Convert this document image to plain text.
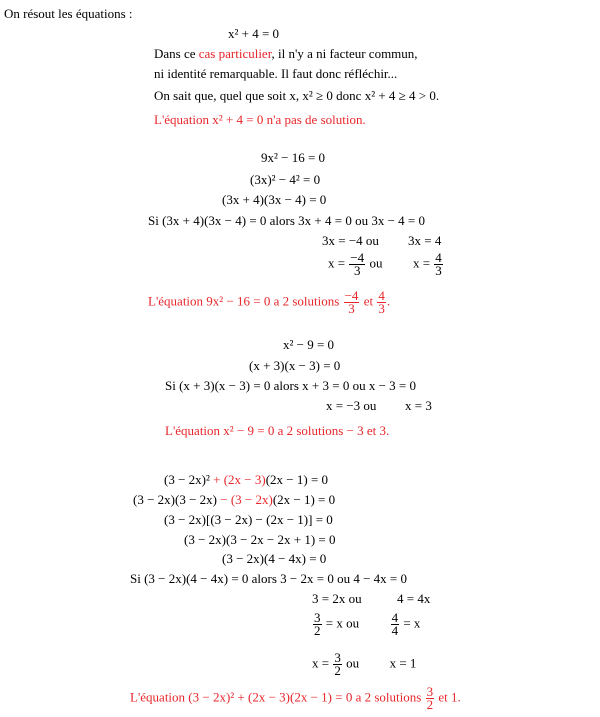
On résout les équations :
x² + 4 = 0
Dans ce cas particulier, il n'y a ni facteur commun,
ni identité remarquable. Il faut donc réfléchir...
On sait que, quel que soit x, x² ≥ 0 donc x² + 4 ≥ 4 > 0.
L'équation x² + 4 = 0 n'a pas de solution.
9x² − 16 = 0
(3x)² − 4² = 0
(3x + 4)(3x − 4) = 0
Si (3x + 4)(3x − 4) = 0 alors 3x + 4 = 0 ou 3x − 4 = 0
3x = −4 ou 3x = 4
$x = \frac{-4}{3}$ ou $x = \frac{4}{3}$
L'équation 9x² − 16 = 0 a 2 solutions $\frac{-4}{3}$ et $\frac{4}{3}$ .
x² − 9 = 0
(x + 3)(x − 3) = 0
Si (x + 3)(x − 3) = 0 alors x + 3 = 0 ou x − 3 = 0
x = −3 ou x = 3
L'équation x² − 9 = 0 a 2 solutions − 3 et 3.
(3 − 2x)² + (2x − 3)(2x − 1) = 0
(3 − 2x)(3 − 2x) − (3 − 2x)(2x − 1) = 0
(3 − 2x)[(3 − 2x) − (2x − 1)] = 0
(3 − 2x)(3 − 2x − 2x + 1) = 0
(3 − 2x)(4 − 4x) = 0
Si (3 − 2x)(4 − 4x) = 0 alors 3 − 2x = 0 ou 4 − 4x = 0
3 = 2x ou	4 = 4x
$\frac{3}{2} = x$ ou $\frac{4}{4} = x$
$x = \frac{3}{2}$ ou x = 1
L'équation (3 − 2x)² + (2x − 3)(2x − 1) = 0 a 2 solutions $\frac{3}{2}$ et 1.
